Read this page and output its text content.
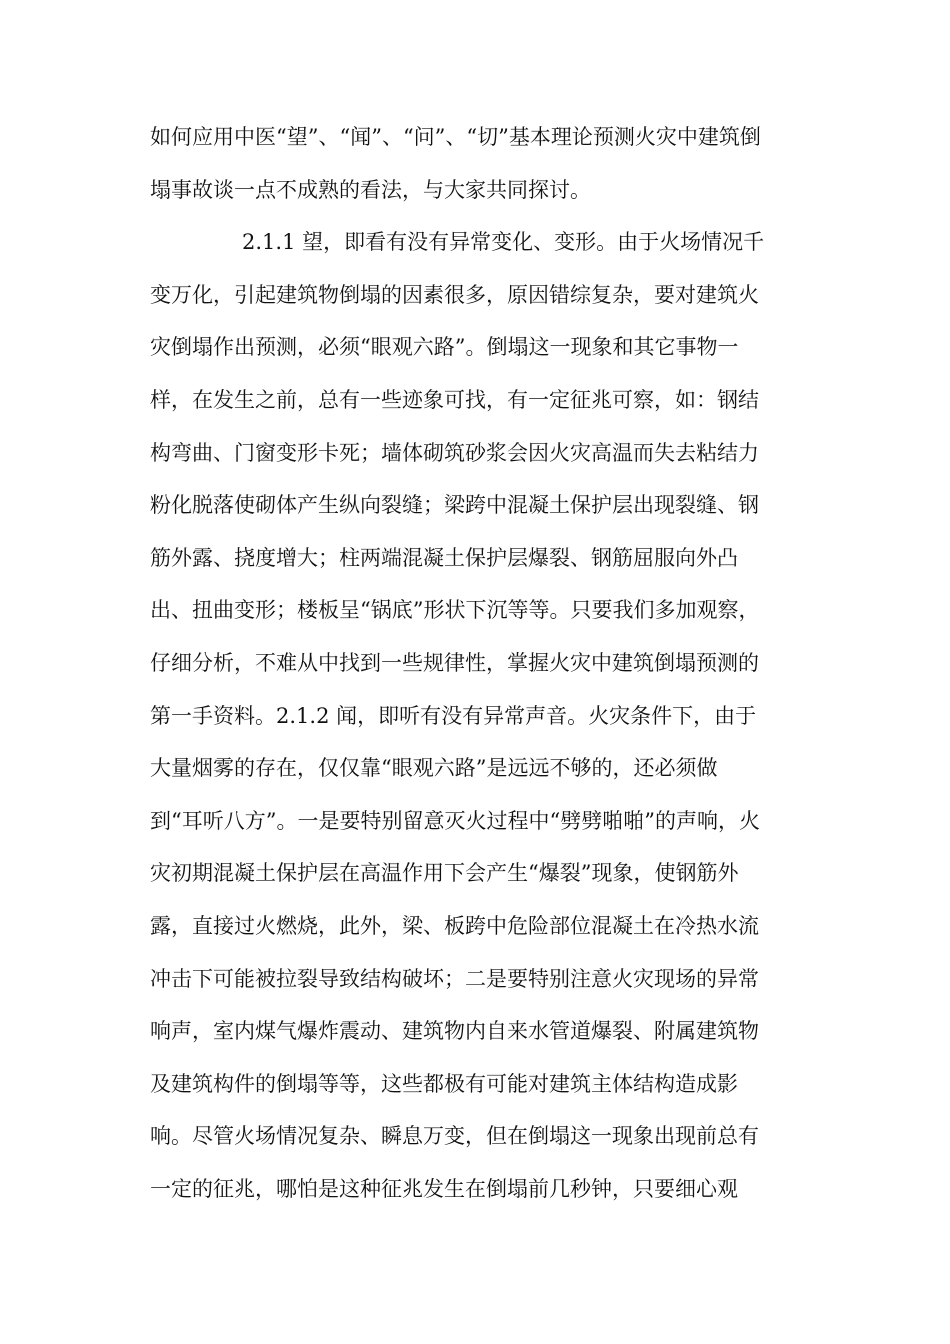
如何应用中医“望”、“闻”、“问”、“切”基本理论预测火灾中建筑倒
塌事故谈一点不成熟的看法，与大家共同探讨。
2.1.1 望，即看有没有异常变化、变形。由于火场情况千
变万化，引起建筑物倒塌的因素很多，原因错综复杂，要对建筑火
灾倒塌作出预测，必须“眼观六路”。倒塌这一现象和其它事物一
样，在发生之前，总有一些迹象可找，有一定征兆可察，如：钢结
构弯曲、门窗变形卡死；墙体砌筑砂浆会因火灾高温而失去粘结力
粉化脱落使砌体产生纵向裂缝；梁跨中混凝土保护层出现裂缝、钢
筋外露、挠度增大；柱两端混凝土保护层爆裂、钢筋屈服向外凸
出、扭曲变形；楼板呈“锅底”形状下沉等等。只要我们多加观察，
仔细分析，不难从中找到一些规律性，掌握火灾中建筑倒塌预测的
第一手资料。2.1.2 闻，即听有没有异常声音。火灾条件下，由于
大量烟雾的存在，仅仅靠“眼观六路”是远远不够的，还必须做
到“耳听八方”。一是要特别留意灭火过程中“劈劈啪啪”的声响，火
灾初期混凝土保护层在高温作用下会产生“爆裂”现象，使钢筋外
露，直接过火燃烧，此外，梁、板跨中危险部位混凝土在冷热水流
冲击下可能被拉裂导致结构破坏；二是要特别注意火灾现场的异常
响声，室内煤气爆炸震动、建筑物内自来水管道爆裂、附属建筑物
及建筑构件的倒塌等等，这些都极有可能对建筑主体结构造成影
响。尽管火场情况复杂、瞬息万变，但在倒塌这一现象出现前总有
一定的征兆，哪怕是这种征兆发生在倒塌前几秒钟，只要细心观
